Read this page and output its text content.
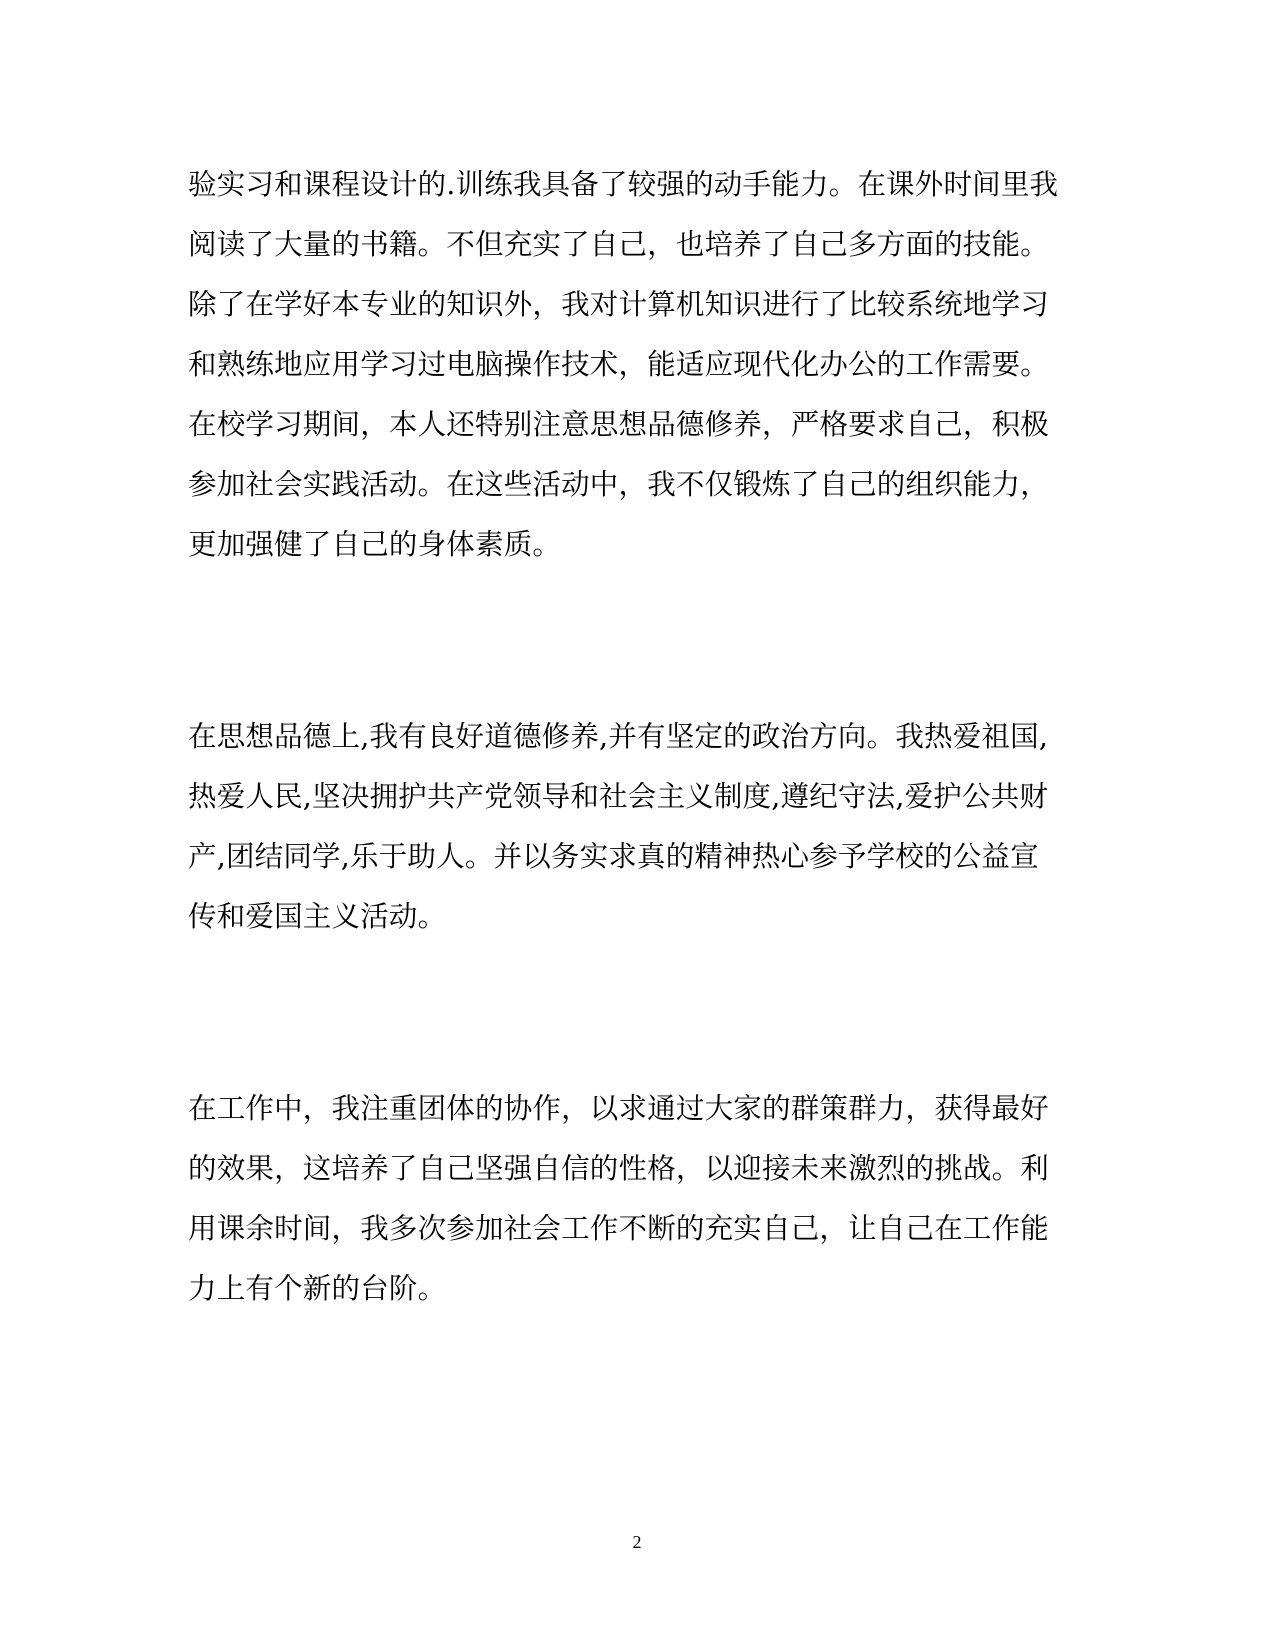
验实习和课程设计的.训练我具备了较强的动手能力。在课外时间里我
阅读了大量的书籍。不但充实了自己，也培养了自己多方面的技能。
除了在学好本专业的知识外，我对计算机知识进行了比较系统地学习
和熟练地应用学习过电脑操作技术，能适应现代化办公的工作需要。
在校学习期间，本人还特别注意思想品德修养，严格要求自己，积极
参加社会实践活动。在这些活动中，我不仅锻炼了自己的组织能力，
更加强健了自己的身体素质。
在思想品德上,我有良好道德修养,并有坚定的政治方向。我热爱祖国,
热爱人民,坚决拥护共产党领导和社会主义制度,遵纪守法,爱护公共财
产,团结同学,乐于助人。并以务实求真的精神热心参予学校的公益宣
传和爱国主义活动。
在工作中，我注重团体的协作，以求通过大家的群策群力，获得最好
的效果，这培养了自己坚强自信的性格，以迎接未来激烈的挑战。利
用课余时间，我多次参加社会工作不断的充实自己，让自己在工作能
力上有个新的台阶。
2
